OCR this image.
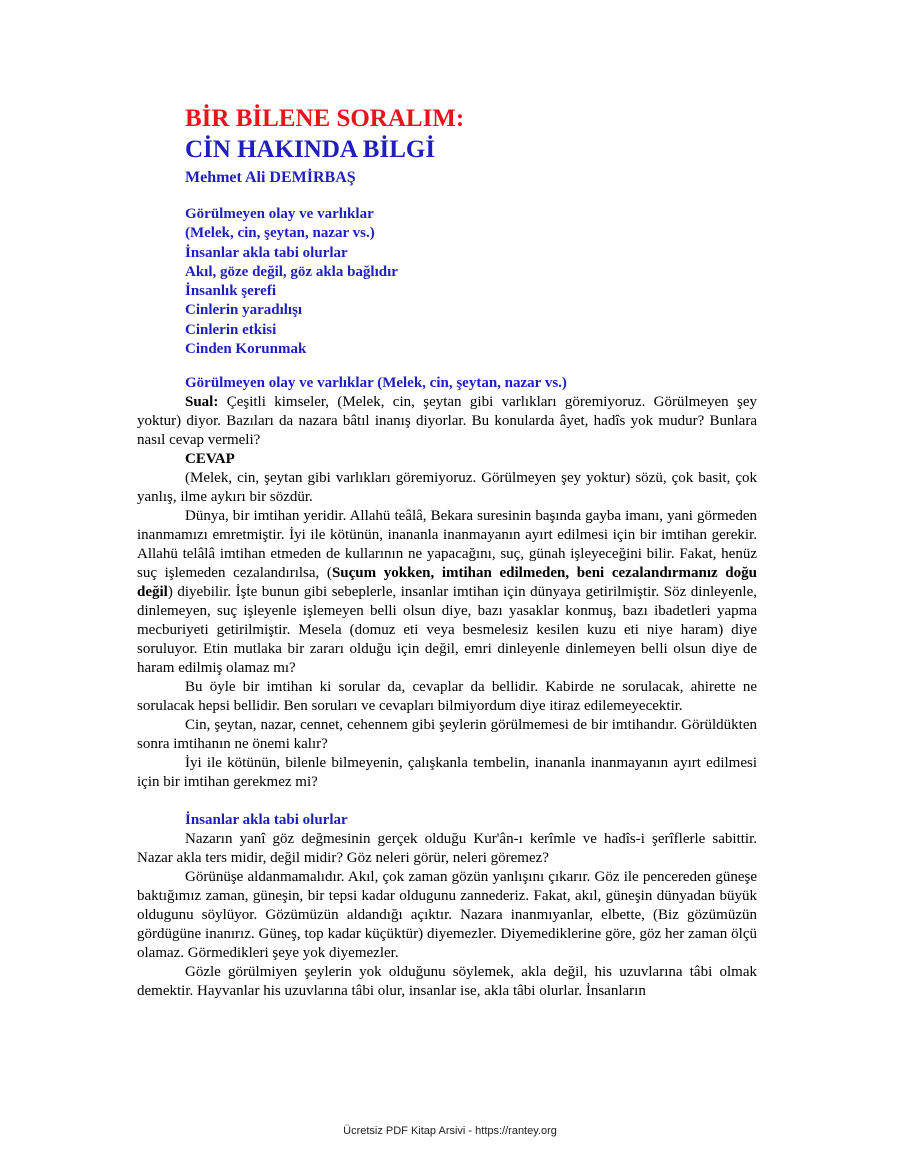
BİR BİLENE SORALIM:
CİN HAKINDA BİLGİ
Mehmet Ali DEMİRBAŞ
Görülmeyen olay ve varlıklar
(Melek, cin, şeytan, nazar vs.)
İnsanlar akla tabi olurlar
Akıl, göze değil, göz akla bağlıdır
İnsanlık şerefi
Cinlerin yaradılışı
Cinlerin etkisi
Cinden Korunmak
Görülmeyen olay ve varlıklar (Melek, cin, şeytan, nazar vs.)

Sual: Çeşitli kimseler, (Melek, cin, şeytan gibi varlıkları göremiyoruz. Görülmeyen şey yoktur) diyor. Bazıları da nazara bâtıl inanış diyorlar. Bu konularda âyet, hadîs yok mudur? Bunlara nasıl cevap vermeli?

CEVAP

(Melek, cin, şeytan gibi varlıkları göremiyoruz. Görülmeyen şey yoktur) sözü, çok basit, çok yanlış, ilme aykırı bir sözdür.

Dünya, bir imtihan yeridir. Allahü teâlâ, Bekara suresinin başında gayba imanı, yani görmeden inanmamızı emretmiştir. İyi ile kötünün, inananla inanmayanın ayırt edilmesi için bir imtihan gerekir. Allahü telâlâ imtihan etmeden de kullarının ne yapacağını, suç, günah işleyeceğini bilir. Fakat, henüz suç işlemeden cezalandırılsa, (Suçum yokken, imtihan edilmeden, beni cezalandırmanız doğu değil) diyebilir. İşte bunun gibi sebeplerle, insanlar imtihan için dünyaya getirilmiştir. Söz dinleyenle, dinlemeyen, suç işleyenle işlemeyen belli olsun diye, bazı yasaklar konmuş, bazı ibadetleri yapma mecburiyeti getirilmiştir. Mesela (domuz eti veya besmelesiz kesilen kuzu eti niye haram) diye soruluyor. Etin mutlaka bir zararı olduğu için değil, emri dinleyenle dinlemeyen belli olsun diye de haram edilmiş olamaz mı?

Bu öyle bir imtihan ki sorular da, cevaplar da bellidir. Kabirde ne sorulacak, ahirette ne sorulacak hepsi bellidir. Ben soruları ve cevapları bilmiyordum diye itiraz edilemeyecektir.

Cin, şeytan, nazar, cennet, cehennem gibi şeylerin görülmemesi de bir imtihandır. Görüldükten sonra imtihanın ne önemi kalır?

İyi ile kötünün, bilenle bilmeyenin, çalışkanla tembelin, inananla inanmayanın ayırt edilmesi için bir imtihan gerekmez mi?

İnsanlar akla tabi olurlar

Nazarın yanî göz değmesinin gerçek olduğu Kur'ân-ı kerîmle ve hadîs-i şerîflerle sabittir. Nazar akla ters midir, değil midir? Göz neleri görür, neleri göremez?

Görünüşe aldanmamalıdır. Akıl, çok zaman gözün yanlışını çıkarır. Göz ile pencereden güneşe baktığımız zaman, güneşin, bir tepsi kadar oldugunu zannederiz. Fakat, akıl, güneşin dünyadan büyük oldugunu söylüyor. Gözümüzün aldandığı açıktır. Nazara inanmıyanlar, elbette, (Biz gözümüzün gördügüne inanırız. Güneş, top kadar küçüktür) diyemezler. Diyemediklerine göre, göz her zaman ölçü olamaz. Görmedikleri şeye yok diyemezler.

Gözle görülmiyen şeylerin yok olduğunu söylemek, akla değil, his uzuvlarına tâbi olmak demektir. Hayvanlar his uzuvlarına tâbi olur, insanlar ise, akla tâbi olurlar. İnsanların

Ücretsiz PDF Kitap Arsivi - https://rantey.org
